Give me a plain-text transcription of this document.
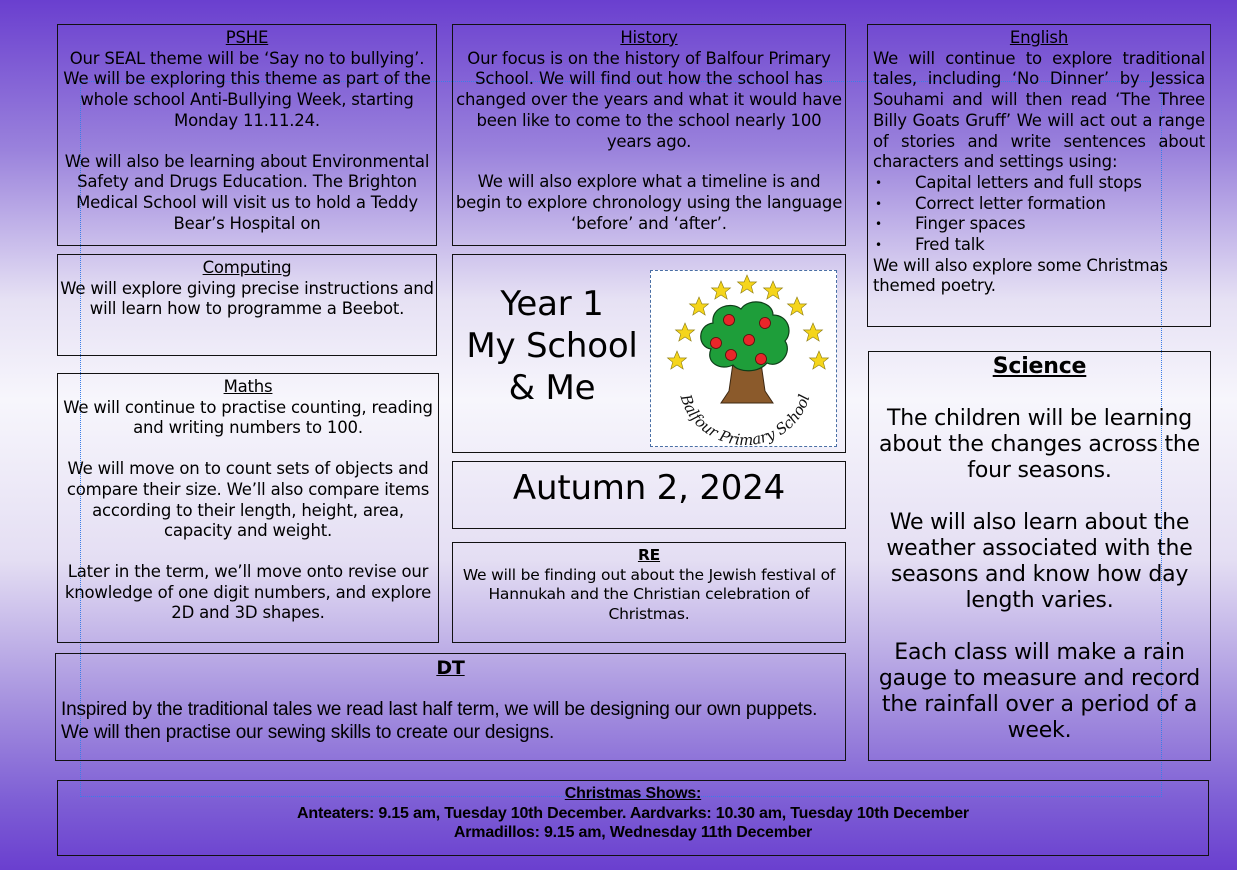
PSHE

Our SEAL theme will be ‘Say no to bullying’. We will be exploring this theme as part of the whole school Anti-Bullying Week, starting Monday 11.11.24.

We will also be learning about Environmental Safety and Drugs Education. The Brighton Medical School will visit us to hold a Teddy Bear’s Hospital on

History

Our focus is on the history of Balfour Primary School. We will find out how the school has changed over the years and what it would have been like to come to the school nearly 100 years ago.

We will also explore what a timeline is and begin to explore chronology using the language ‘before’ and ‘after’.

English

We will continue to explore traditional tales, including ‘No Dinner’ by Jessica Souhami and will then read ‘The Three Billy Goats Gruff’ We will act out a range of stories and write sentences about characters and settings using:

• Capital letters and full stops
• Correct letter formation
• Finger spaces
• Fred talk

We will also explore some Christmas themed poetry.

Computing

We will explore giving precise instructions and will learn how to programme a Beebot.

Maths

We will continue to practise counting, reading and writing numbers to 100.

We will move on to count sets of objects and compare their size. We’ll also compare items according to their length, height, area, capacity and weight.

Later in the term, we’ll move onto revise our knowledge of one digit numbers, and explore 2D and 3D shapes.

Year 1
My School
& Me	Balfour Primary School
Autumn 2, 2024
RE

We will be finding out about the Jewish festival of Hannukah and the Christian celebration of Christmas.

Science

The children will be learning about the changes across the four seasons.

We will also learn about the weather associated with the seasons and know how day length varies.

Each class will make a rain gauge to measure and record the rainfall over a period of a week.

DT

Inspired by the traditional tales we read last half term, we will be designing our own puppets. We will then practise our sewing skills to create our designs.

Christmas Shows:
Anteaters: 9.15 am, Tuesday 10th December. Aardvarks: 10.30 am, Tuesday 10th December
Armadillos: 9.15 am, Wednesday 11th December
